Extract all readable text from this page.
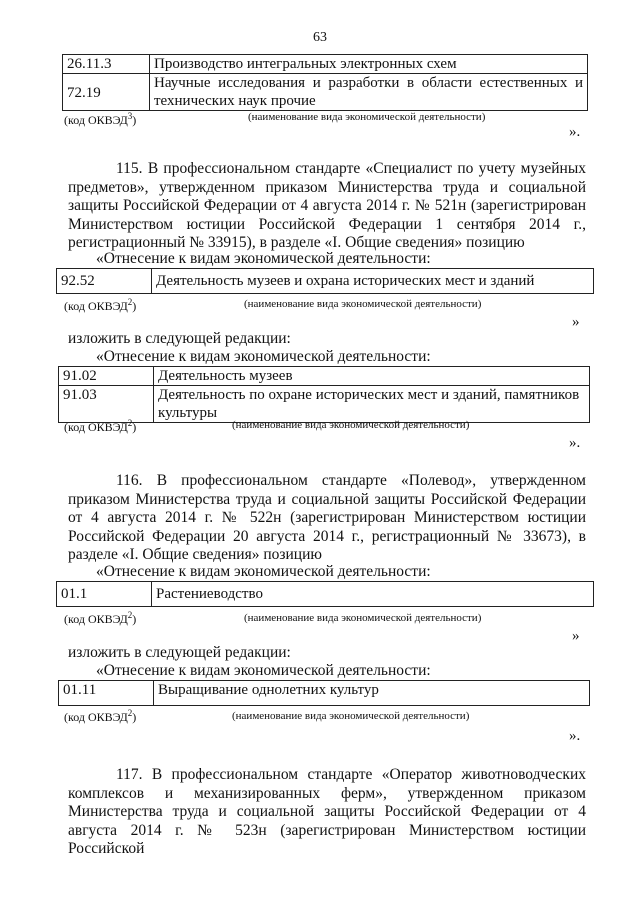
63
26.11.3	Производство интегральных электронных схем
72.19	Научные исследования и разработки в области естественных и технических наук прочие
(код ОКВЭД$^3$)	(наименование вида экономической деятельности)
».
115. В профессиональном стандарте «Специалист по учету музейных предметов», утвержденном приказом Министерства труда и социальной защиты Российской Федерации от 4 августа 2014 г. № 521н (зарегистрирован Министерством юстиции Российской Федерации 1 сентября 2014 г., регистрационный № 33915), в разделе «I. Общие сведения» позицию
«Отнесение к видам экономической деятельности:
92.52	Деятельность музеев и охрана исторических мест и зданий
(код ОКВЭД$^2$)	(наименование вида экономической деятельности)
»
изложить в следующей редакции:
«Отнесение к видам экономической деятельности:
91.02	Деятельность музеев
91.03	Деятельность по охране исторических мест и зданий, памятников культуры
(код ОКВЭД$^2$)	(наименование вида экономической деятельности)
».
116. В профессиональном стандарте «Полевод», утвержденном приказом Министерства труда и социальной защиты Российской Федерации от 4 августа 2014 г. № 522н (зарегистрирован Министерством юстиции Российской Федерации 20 августа 2014 г., регистрационный № 33673), в разделе «I. Общие сведения» позицию
«Отнесение к видам экономической деятельности:
01.1	Растениеводство
(код ОКВЭД$^2$)	(наименование вида экономической деятельности)
»
изложить в следующей редакции:
«Отнесение к видам экономической деятельности:
01.11	Выращивание однолетних культур
(код ОКВЭД$^2$)	(наименование вида экономической деятельности)
».
117. В профессиональном стандарте «Оператор животноводческих комплексов и механизированных ферм», утвержденном приказом Министерства труда и социальной защиты Российской Федерации от 4 августа 2014 г. № 523н (зарегистрирован Министерством юстиции Российской
